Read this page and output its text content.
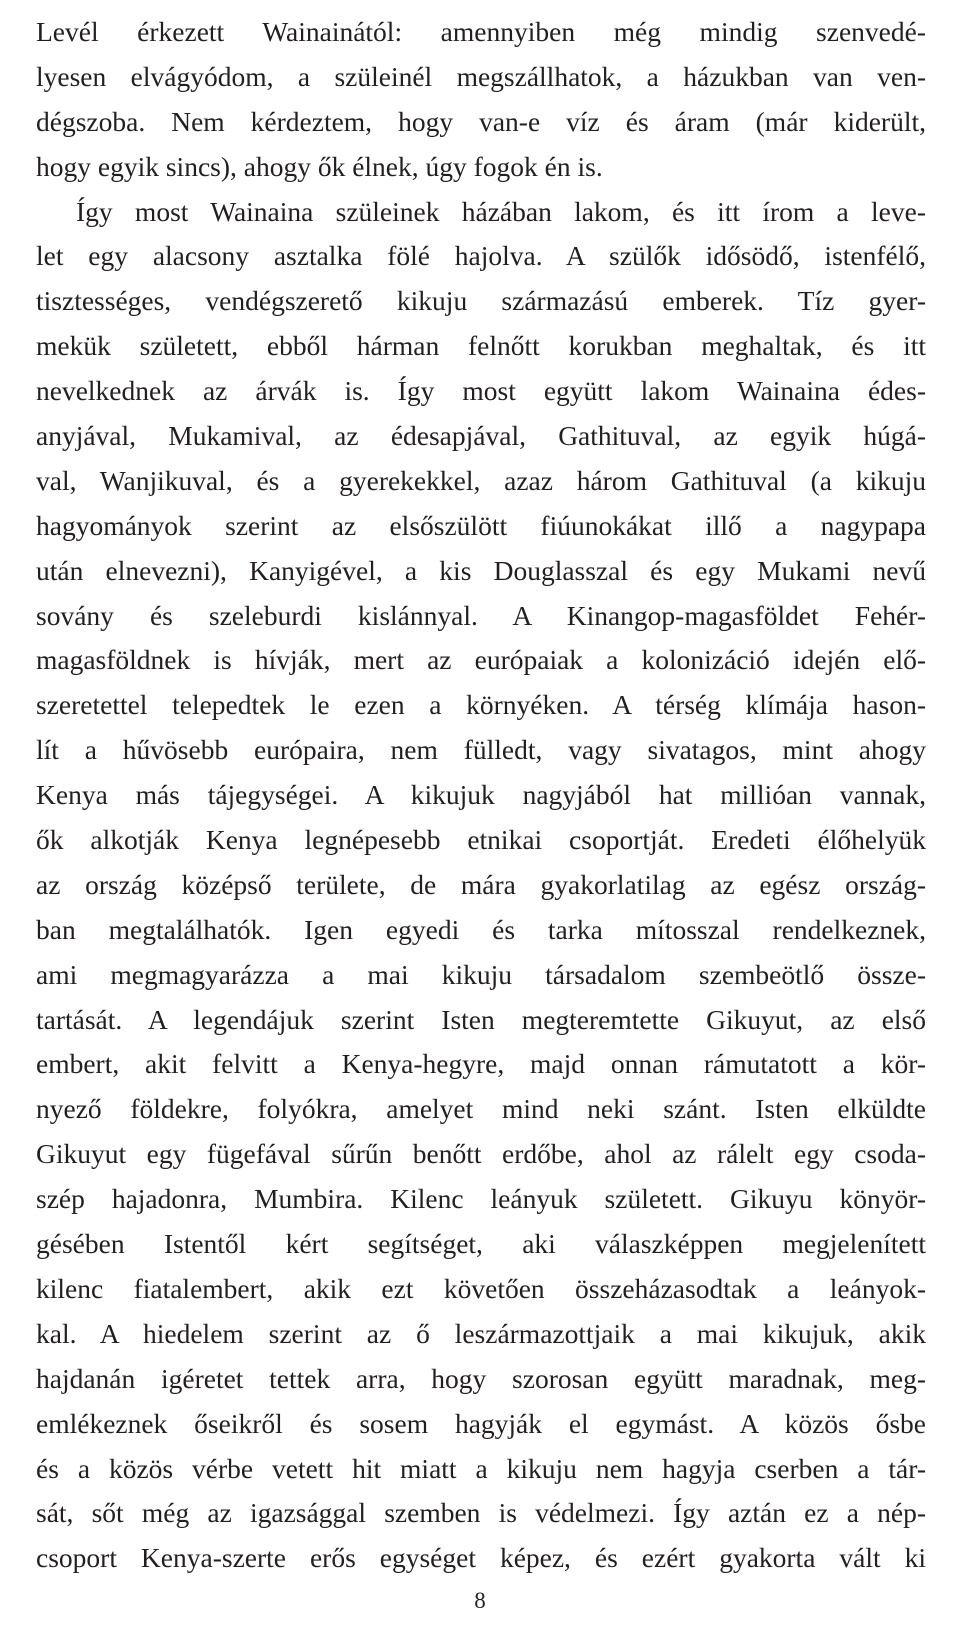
Levél érkezett Wainainától: amennyiben még mindig szenvedé-
lyesen elvágyódom, a szüleinél megszállhatok, a házukban van ven-
dégszoba. Nem kérdeztem, hogy van-e víz és áram (már kiderült,
hogy egyik sincs), ahogy ők élnek, úgy fogok én is.
Így most Wainaina szüleinek házában lakom, és itt írom a leve-
let egy alacsony asztalka fölé hajolva. A szülők idősödő, istenfélő,
tisztességes, vendégszerető kikuju származású emberek. Tíz gyer-
mekük született, ebből hárman felnőtt korukban meghaltak, és itt
nevelkednek az árvák is. Így most együtt lakom Wainaina édes-
anyjával, Mukamival, az édesapjával, Gathituval, az egyik húgá-
val, Wanjikuval, és a gyerekekkel, azaz három Gathituval (a kikuju
hagyományok szerint az elsőszülött fiúunokákat illő a nagypapa
után elnevezni), Kanyigével, a kis Douglasszal és egy Mukami nevű
sovány és szeleburdi kislánnyal. A Kinangop-magasföldet Fehér-
magasföldnek is hívják, mert az európaiak a kolonizáció idején elő-
szeretettel telepedtek le ezen a környéken. A térség klímája hason-
lít a hűvösebb európaira, nem fülledt, vagy sivatagos, mint ahogy
Kenya más tájegységei. A kikujuk nagyjából hat millióan vannak,
ők alkotják Kenya legnépesebb etnikai csoportját. Eredeti élőhelyük
az ország középső területe, de mára gyakorlatilag az egész ország-
ban megtalálhatók. Igen egyedi és tarka mítosszal rendelkeznek,
ami megmagyarázza a mai kikuju társadalom szembeötlő össze-
tartását. A legendájuk szerint Isten megteremtette Gikuyut, az első
embert, akit felvitt a Kenya-hegyre, majd onnan rámutatott a kör-
nyező földekre, folyókra, amelyet mind neki szánt. Isten elküldte
Gikuyut egy fügefával sűrűn benőtt erdőbe, ahol az rálelt egy csoda-
szép hajadonra, Mumbira. Kilenc leányuk született. Gikuyu könyör-
gésében Istentől kért segítséget, aki válaszképpen megjelenített
kilenc fiatalembert, akik ezt követően összeházasodtak a leányok-
kal. A hiedelem szerint az ő leszármazottjaik a mai kikujuk, akik
hajdanán igéretet tettek arra, hogy szorosan együtt maradnak, meg-
emlékeznek őseikről és sosem hagyják el egymást. A közös ősbe
és a közös vérbe vetett hit miatt a kikuju nem hagyja cserben a tár-
sát, sőt még az igazsággal szemben is védelmezi. Így aztán ez a nép-
csoport Kenya-szerte erős egységet képez, és ezért gyakorta vált ki
8
